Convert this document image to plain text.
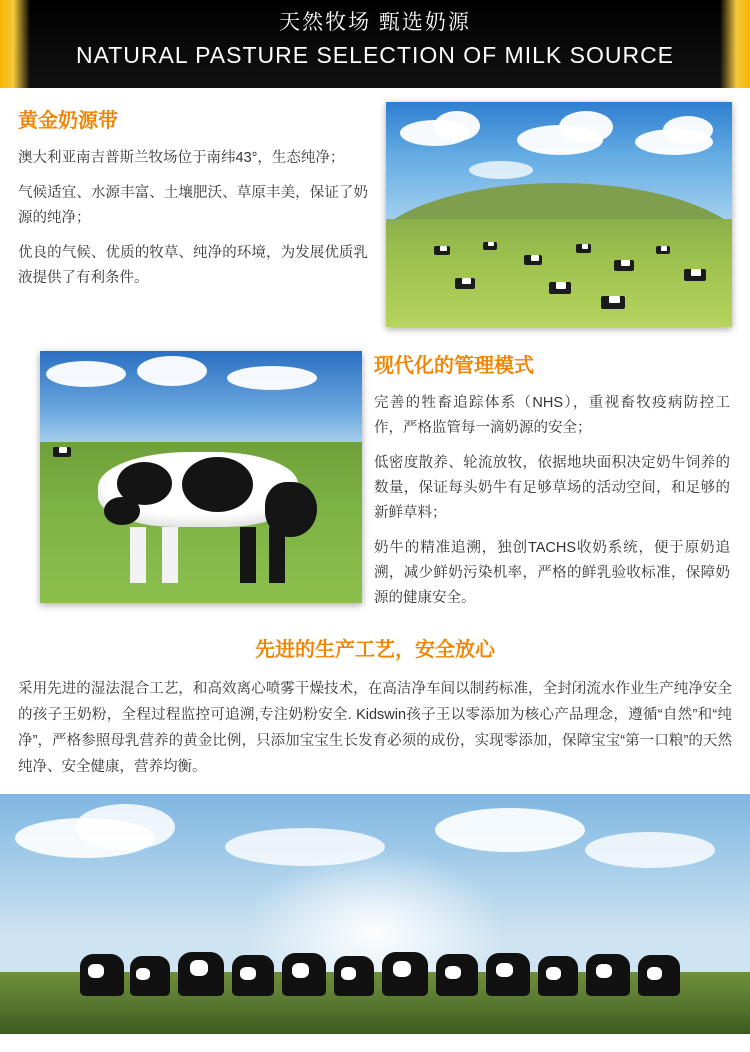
天然牧场 甄选奶源
NATURAL PASTURE SELECTION OF MILK SOURCE
黄金奶源带

澳大利亚南吉普斯兰牧场位于南纬43°，生态纯净；

气候适宜、水源丰富、土壤肥沃、草原丰美，保证了奶源的纯净；

优良的气候、优质的牧草、纯净的环境，为发展优质乳液提供了有利条件。

现代化的管理模式

完善的牲畜追踪体系（NHS），重视畜牧疫病防控工作，严格监管每一滴奶源的安全；

低密度散养、轮流放牧，依据地块面积决定奶牛饲养的数量，保证每头奶牛有足够草场的活动空间，和足够的新鲜草料；

奶牛的精准追溯，独创TACHS收奶系统，便于原奶追溯，减少鲜奶污染机率，严格的鲜乳验收标准，保障奶源的健康安全。

先进的生产工艺，安全放心
采用先进的湿法混合工艺，和高效离心喷雾干燥技术，在高洁净车间以制药标准，全封闭流水作业生产纯净安全的孩子王奶粉，全程过程监控可追溯,专注奶粉安全. Kidswin孩子王以零添加为核心产品理念，遵循“自然”和“纯净”，严格参照母乳营养的黄金比例，只添加宝宝生长发育必须的成份，实现零添加，保障宝宝“第一口粮”的天然纯净、安全健康，营养均衡。
